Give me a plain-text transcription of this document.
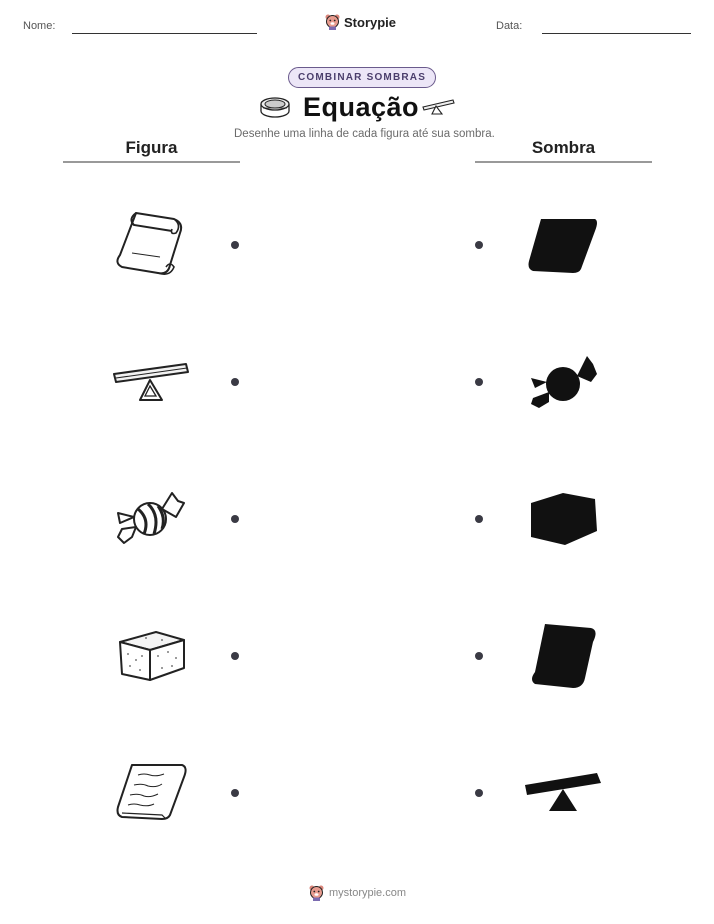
Nome:	Storypie	Data:
COMBINAR SOMBRAS
Equação
Desenhe uma linha de cada figura até sua sombra.
Figura	Sombra
mystorypie.com
